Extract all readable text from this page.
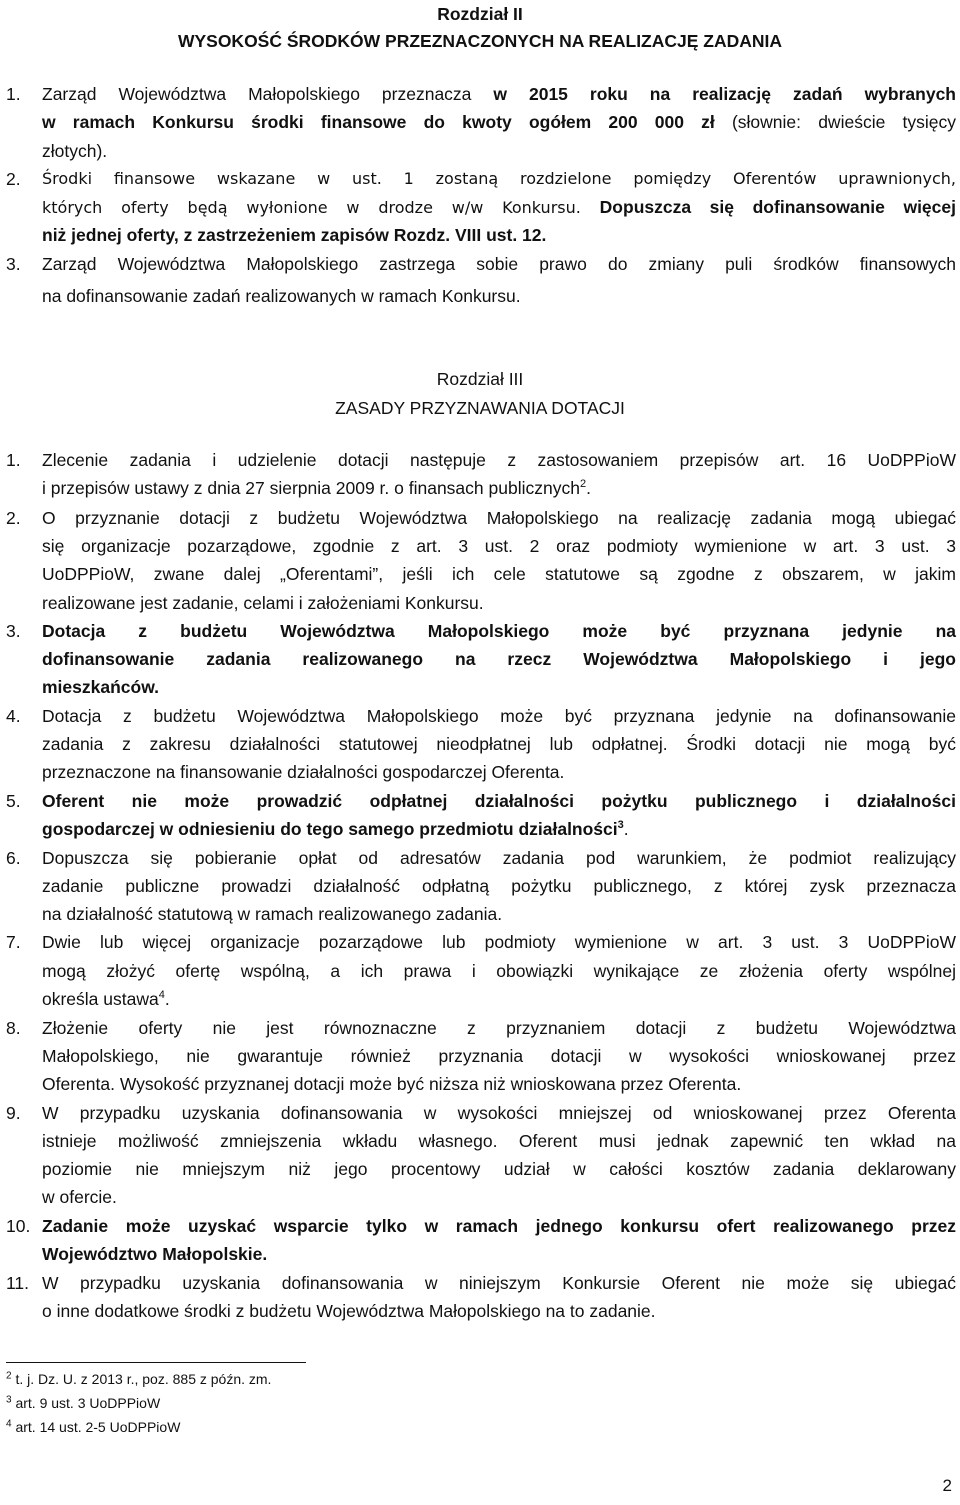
Rozdział II
WYSOKOŚĆ ŚRODKÓW PRZEZNACZONYCH NA REALIZACJĘ ZADANIA
1. Zarząd Województwa Małopolskiego przeznacza w 2015 roku na realizację zadań wybranych
w ramach Konkursu środki finansowe do kwoty ogółem 200 000 zł (słownie: dwieście tysięcy
złotych).
2. Środki finansowe wskazane w ust. 1 zostaną rozdzielone pomiędzy Oferentów uprawnionych,
których oferty będą wyłonione w drodze w/w Konkursu. Dopuszcza się dofinansowanie więcej
niż jednej oferty, z zastrzeżeniem zapisów Rozdz. VIII ust. 12.
3. Zarząd Województwa Małopolskiego zastrzega sobie prawo do zmiany puli środków finansowych
na dofinansowanie zadań realizowanych w ramach Konkursu.
Rozdział III
ZASADY PRZYZNAWANIA DOTACJI
1. Zlecenie zadania i udzielenie dotacji następuje z zastosowaniem przepisów art. 16 UoDPPioW
i przepisów ustawy z dnia 27 sierpnia 2009 r. o finansach publicznych$^2$.
2. O przyznanie dotacji z budżetu Województwa Małopolskiego na realizację zadania mogą ubiegać
się organizacje pozarządowe, zgodnie z art. 3 ust. 2 oraz podmioty wymienione w art. 3 ust. 3
UoDPPioW, zwane dalej „Oferentami”, jeśli ich cele statutowe są zgodne z obszarem, w jakim
realizowane jest zadanie, celami i założeniami Konkursu.
3. Dotacja z budżetu Województwa Małopolskiego może być przyznana jedynie na
dofinansowanie zadania realizowanego na rzecz Województwa Małopolskiego i jego
mieszkańców.
4. Dotacja z budżetu Województwa Małopolskiego może być przyznana jedynie na dofinansowanie
zadania z zakresu działalności statutowej nieodpłatnej lub odpłatnej. Środki dotacji nie mogą być
przeznaczone na finansowanie działalności gospodarczej Oferenta.
5. Oferent nie może prowadzić odpłatnej działalności pożytku publicznego i działalności
gospodarczej w odniesieniu do tego samego przedmiotu działalności$^3$.
6. Dopuszcza się pobieranie opłat od adresatów zadania pod warunkiem, że podmiot realizujący
zadanie publiczne prowadzi działalność odpłatną pożytku publicznego, z której zysk przeznacza
na działalność statutową w ramach realizowanego zadania.
7. Dwie lub więcej organizacje pozarządowe lub podmioty wymienione w art. 3 ust. 3 UoDPPioW
mogą złożyć ofertę wspólną, a ich prawa i obowiązki wynikające ze złożenia oferty wspólnej
określa ustawa$^4$.
8. Złożenie oferty nie jest równoznaczne z przyznaniem dotacji z budżetu Województwa
Małopolskiego, nie gwarantuje również przyznania dotacji w wysokości wnioskowanej przez
Oferenta. Wysokość przyznanej dotacji może być niższa niż wnioskowana przez Oferenta.
9. W przypadku uzyskania dofinansowania w wysokości mniejszej od wnioskowanej przez Oferenta
istnieje możliwość zmniejszenia wkładu własnego. Oferent musi jednak zapewnić ten wkład na
poziomie nie mniejszym niż jego procentowy udział w całości kosztów zadania deklarowany
w ofercie.
10. Zadanie może uzyskać wsparcie tylko w ramach jednego konkursu ofert realizowanego przez
Województwo Małopolskie.
11. W przypadku uzyskania dofinansowania w niniejszym Konkursie Oferent nie może się ubiegać
o inne dodatkowe środki z budżetu Województwa Małopolskiego na to zadanie.
$^2$ t. j. Dz. U. z 2013 r., poz. 885 z późn. zm.
$^3$ art. 9 ust. 3 UoDPPioW
$^4$ art. 14 ust. 2-5 UoDPPioW
2
